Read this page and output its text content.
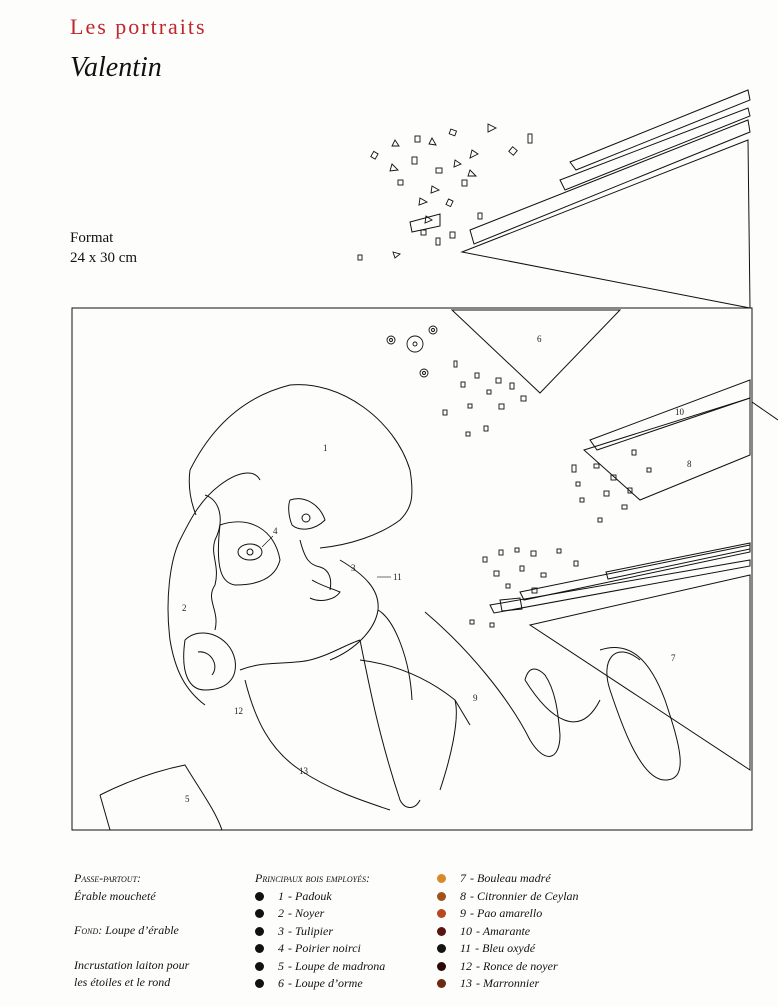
Les portraits
Valentin
Format
24 x 30 cm
1
2
3
4
5
6
7
8
9
10
11
12
13

Passe-partout:

Érable moucheté

Fond: Loupe d’érable

Incrustation laiton pour

les étoiles et le rond

Principaux bois employés:
1 - Padouk
2 - Noyer
3 - Tulipier
4 - Poirier noirci
5 - Loupe de madrona
6 - Loupe d’orme
7 - Bouleau madré
8 - Citronnier de Ceylan
9 - Pao amarello
10 - Amarante
11 - Bleu oxydé
12 - Ronce de noyer
13 - Marronnier
